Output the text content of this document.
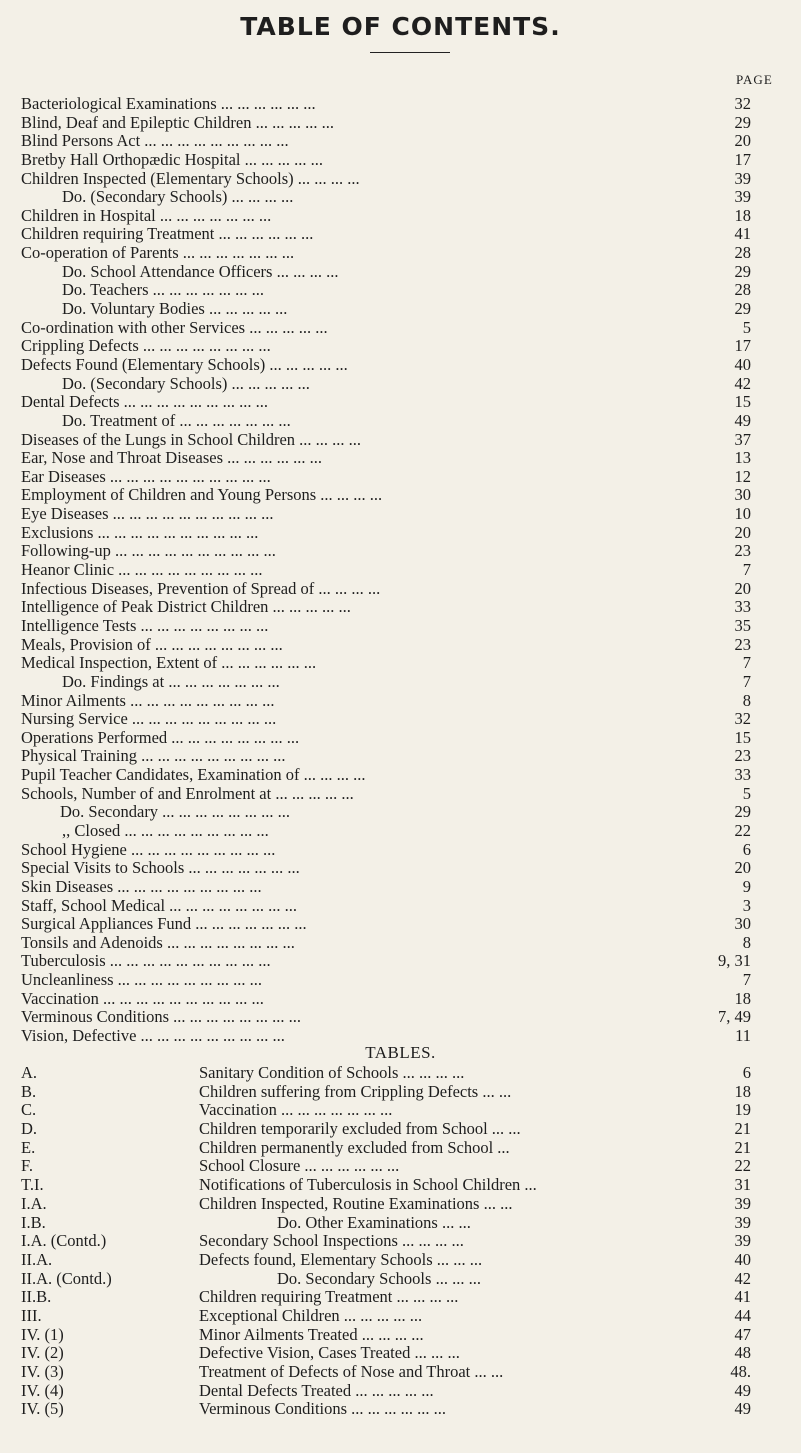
TABLE OF CONTENTS.
PAGE
Bacteriological Examinations ... ... ... ... ... ...	32
Blind, Deaf and Epileptic Children ... ... ... ... ...	29
Blind Persons Act ... ... ... ... ... ... ... ... ...	20
Bretby Hall Orthopædic Hospital ... ... ... ... ...	17
Children Inspected (Elementary Schools) ... ... ... ...	39
Do. (Secondary Schools) ... ... ... ...	39
Children in Hospital ... ... ... ... ... ... ...	18
Children requiring Treatment ... ... ... ... ... ...	41
Co-operation of Parents ... ... ... ... ... ... ...	28
Do. School Attendance Officers ... ... ... ...	29
Do. Teachers ... ... ... ... ... ... ...	28
Do. Voluntary Bodies ... ... ... ... ...	29
Co-ordination with other Services ... ... ... ... ...	5
Crippling Defects ... ... ... ... ... ... ... ...	17
Defects Found (Elementary Schools) ... ... ... ... ...	40
Do. (Secondary Schools) ... ... ... ... ...	42
Dental Defects ... ... ... ... ... ... ... ... ...	15
Do. Treatment of ... ... ... ... ... ... ...	49
Diseases of the Lungs in School Children ... ... ... ...	37
Ear, Nose and Throat Diseases ... ... ... ... ... ...	13
Ear Diseases ... ... ... ... ... ... ... ... ... ...	12
Employment of Children and Young Persons ... ... ... ...	30
Eye Diseases ... ... ... ... ... ... ... ... ... ...	10
Exclusions ... ... ... ... ... ... ... ... ... ...	20
Following-up ... ... ... ... ... ... ... ... ... ...	23
Heanor Clinic ... ... ... ... ... ... ... ... ...	7
Infectious Diseases, Prevention of Spread of ... ... ... ...	20
Intelligence of Peak District Children ... ... ... ... ...	33
Intelligence Tests ... ... ... ... ... ... ... ...	35
Meals, Provision of ... ... ... ... ... ... ... ...	23
Medical Inspection, Extent of ... ... ... ... ... ...	7
Do. Findings at ... ... ... ... ... ... ...	7
Minor Ailments ... ... ... ... ... ... ... ... ...	8
Nursing Service ... ... ... ... ... ... ... ... ...	32
Operations Performed ... ... ... ... ... ... ... ...	15
Physical Training ... ... ... ... ... ... ... ... ...	23
Pupil Teacher Candidates, Examination of ... ... ... ...	33
Schools, Number of and Enrolment at ... ... ... ... ...	5
Do. Secondary ... ... ... ... ... ... ... ...	29
,, Closed ... ... ... ... ... ... ... ... ...	22
School Hygiene ... ... ... ... ... ... ... ... ...	6
Special Visits to Schools ... ... ... ... ... ... ...	20
Skin Diseases ... ... ... ... ... ... ... ... ...	9
Staff, School Medical ... ... ... ... ... ... ... ...	3
Surgical Appliances Fund ... ... ... ... ... ... ...	30
Tonsils and Adenoids ... ... ... ... ... ... ... ...	8
Tuberculosis ... ... ... ... ... ... ... ... ... ...	9, 31
Uncleanliness ... ... ... ... ... ... ... ... ...	7
Vaccination ... ... ... ... ... ... ... ... ... ...	18
Verminous Conditions ... ... ... ... ... ... ... ...	7, 49
Vision, Defective ... ... ... ... ... ... ... ... ...	11
TABLES.
A.	Sanitary Condition of Schools ... ... ... ...	6
B.	Children suffering from Crippling Defects ... ...	18
C.	Vaccination ... ... ... ... ... ... ...	19
D.	Children temporarily excluded from School ... ...	21
E.	Children permanently excluded from School ...	21
F.	School Closure ... ... ... ... ... ...	22
T.I.	Notifications of Tuberculosis in School Children ...	31
I.A.	Children Inspected, Routine Examinations ... ...	39
I.B.	Do. Other Examinations ... ...	39
I.A. (Contd.)	Secondary School Inspections ... ... ... ...	39
II.A.	Defects found, Elementary Schools ... ... ...	40
II.A. (Contd.)	Do. Secondary Schools ... ... ...	42
II.B.	Children requiring Treatment ... ... ... ...	41
III.	Exceptional Children ... ... ... ... ...	44
IV. (1)	Minor Ailments Treated ... ... ... ...	47
IV. (2)	Defective Vision, Cases Treated ... ... ...	48
IV. (3)	Treatment of Defects of Nose and Throat ... ...	48.
IV. (4)	Dental Defects Treated ... ... ... ... ...	49
IV. (5)	Verminous Conditions ... ... ... ... ... ...	49
